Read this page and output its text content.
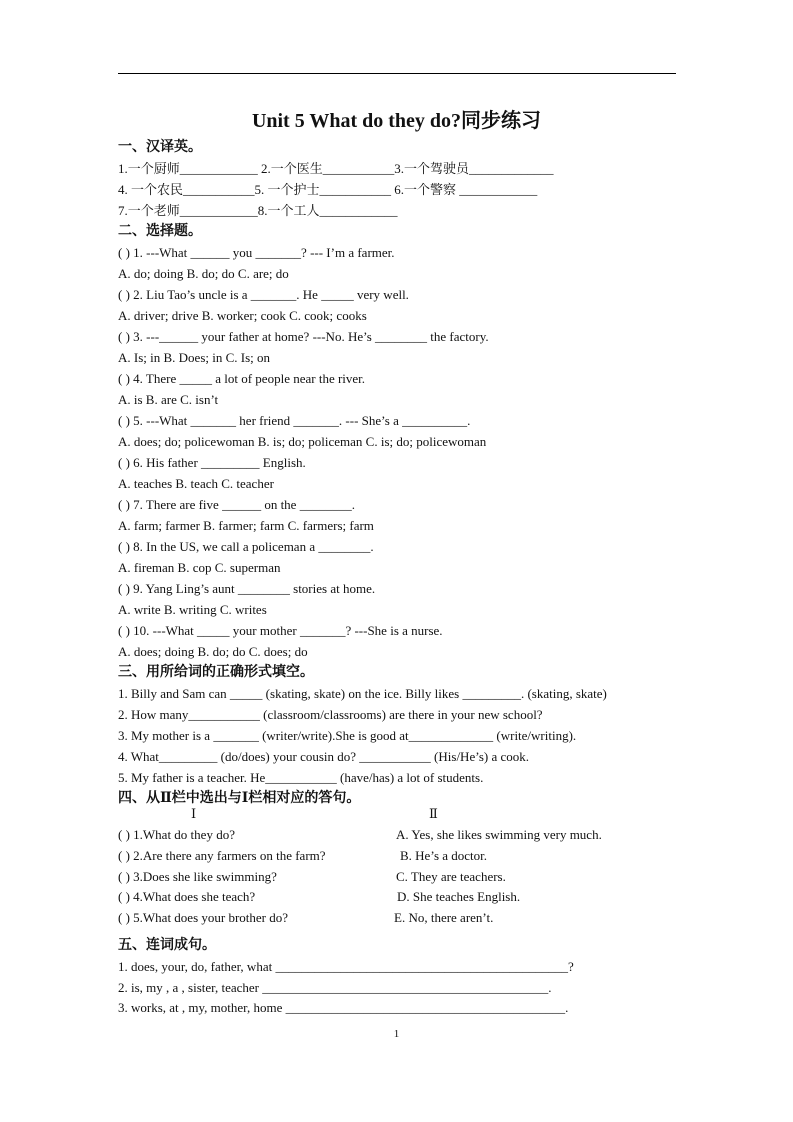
Unit 5 What do they do?同步练习
一、汉译英。
1.一个厨师____________ 2.一个医生___________3.一个驾驶员_____________
4. 一个农民___________5. 一个护士___________ 6.一个警察 ____________
7.一个老师____________8.一个工人____________
二、选择题。
( ) 1. ---What ______ you _______? --- I’m a farmer.
A. do; doing B. do; do C. are; do
( ) 2. Liu Tao’s uncle is a _______. He _____ very well.
A. driver; drive B. worker; cook C. cook; cooks
( ) 3. ---______ your father at home? ---No. He’s ________ the factory.
A. Is; in B. Does; in C. Is; on
( ) 4. There _____ a lot of people near the river.
A. is B. are C. isn’t
( ) 5. ---What _______ her friend _______. --- She’s a __________.
A. does; do; policewoman B. is; do; policeman C. is; do; policewoman
( ) 6. His father _________ English.
A. teaches B. teach C. teacher
( ) 7. There are five ______ on the ________.
A. farm; farmer B. farmer; farm C. farmers; farm
( ) 8. In the US, we call a policeman a ________.
A. fireman B. cop C. superman
( ) 9. Yang Ling’s aunt ________ stories at home.
A. write B. writing C. writes
( ) 10. ---What _____ your mother _______? ---She is a nurse.
A. does; doing B. do; do C. does; do
三、用所给词的正确形式填空。
1. Billy and Sam can _____ (skating, skate) on the ice. Billy likes _________. (skating, skate)
2. How many___________ (classroom/classrooms) are there in your new school?
3. My mother is a _______ (writer/write).She is good at_____________ (write/writing).
4. What_________ (do/does) your cousin do? ___________ (His/He’s) a cook.
5. My father is a teacher. He___________ (have/has) a lot of students.
四、从Ⅱ栏中选出与Ⅰ栏相对应的答句。
五、连词成句。
1. does, your, do, father, what _____________________________________________?
2. is, my , a , sister, teacher ____________________________________________.
3. works, at , my, mother, home ___________________________________________.
Ⅰ	Ⅱ
( ) 1.What do they do?
( ) 2.Are there any farmers on the farm?
( ) 3.Does she like swimming?
( ) 4.What does she teach?
( ) 5.What does your brother do?
A. Yes, she likes swimming very much.
B. He’s a doctor.
C. They are teachers.
D. She teaches English.
E. No, there aren’t.
1
